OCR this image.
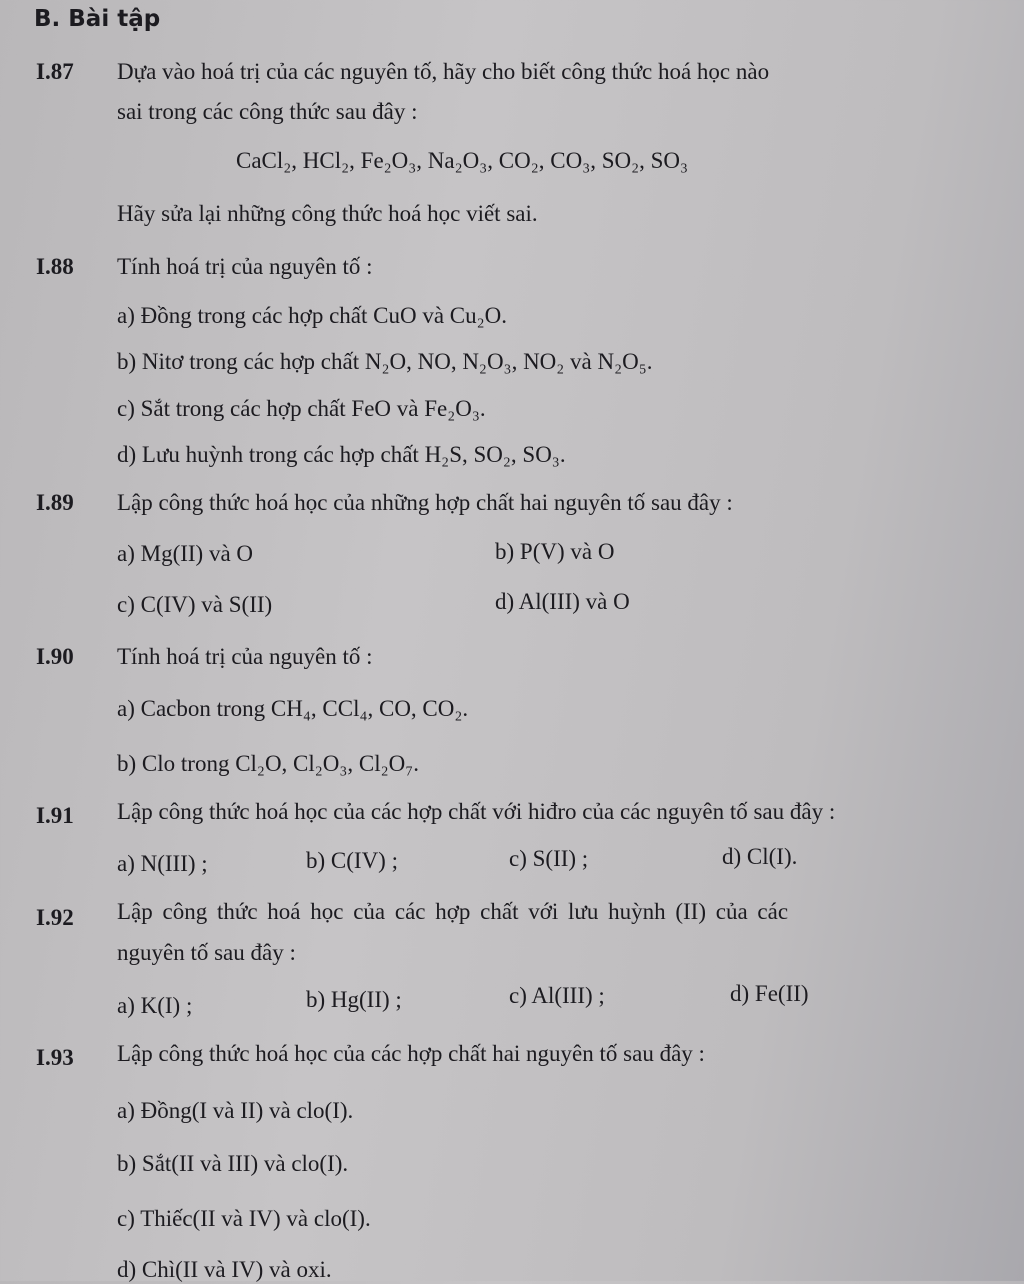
B. Bài tập
I.87 Dựa vào hoá trị của các nguyên tố, hãy cho biết công thức hoá học nào
sai trong các công thức sau đây :
CaCl₂, HCl₂, Fe₂O₃, Na₂O₃, CO₂, CO₃, SO₂, SO₃
Hãy sửa lại những công thức hoá học viết sai.
I.88 Tính hoá trị của nguyên tố :
a) Đồng trong các hợp chất CuO và Cu₂O.
b) Nitơ trong các hợp chất N₂O, NO, N₂O₃, NO₂ và N₂O₅.
c) Sắt trong các hợp chất FeO và Fe₂O₃.
d) Lưu huỳnh trong các hợp chất H₂S, SO₂, SO₃.
I.89 Lập công thức hoá học của những hợp chất hai nguyên tố sau đây :
a) Mg(II) và O	b) P(V) và O
c) C(IV) và S(II)	d) Al(III) và O
I.90 Tính hoá trị của nguyên tố :
a) Cacbon trong CH₄, CCl₄, CO, CO₂.
b) Clo trong Cl₂O, Cl₂O₃, Cl₂O₇.
I.91 Lập công thức hoá học của các hợp chất với hiđro của các nguyên tố sau đây :
a) N(III) ;	b) C(IV) ;	c) S(II) ;	d) Cl(I).
I.92 Lập công thức hoá học của các hợp chất với lưu huỳnh (II) của các
nguyên tố sau đây :
a) K(I) ;	b) Hg(II) ;	c) Al(III) ;	d) Fe(II)
I.93 Lập công thức hoá học của các hợp chất hai nguyên tố sau đây :
a) Đồng(I và II) và clo(I).
b) Sắt(II và III) và clo(I).
c) Thiếc(II và IV) và clo(I).
d) Chì(II và IV) và oxi.
